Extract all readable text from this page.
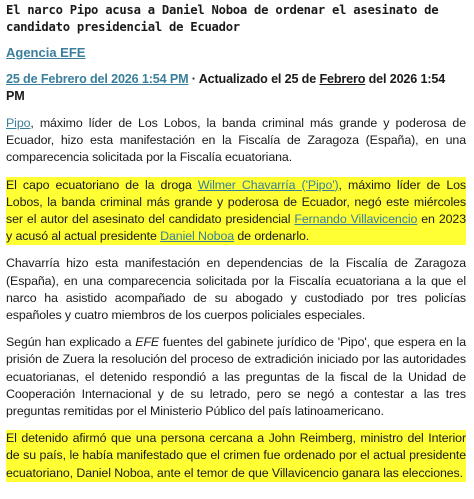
El narco Pipo acusa a Daniel Noboa de ordenar el asesinato de candidato presidencial de Ecuador
Agencia EFE
25 de Febrero del 2026 1:54 PM · Actualizado el 25 de Febrero del 2026 1:54 PM

Pipo, máximo líder de Los Lobos, la banda criminal más grande y poderosa de Ecuador, hizo esta manifestación en la Fiscalía de Zaragoza (España), en una comparecencia solicitada por la Fiscalía ecuatoriana.

El capo ecuatoriano de la droga Wilmer Chavarría ('Pipo'), máximo líder de Los Lobos, la banda criminal más grande y poderosa de Ecuador, negó este miércoles ser el autor del asesinato del candidato presidencial Fernando Villavicencio en 2023 y acusó al actual presidente Daniel Noboa de ordenarlo.

Chavarría hizo esta manifestación en dependencias de la Fiscalía de Zaragoza (España), en una comparecencia solicitada por la Fiscalía ecuatoriana a la que el narco ha asistido acompañado de su abogado y custodiado por tres policías españoles y cuatro miembros de los cuerpos policiales especiales.

Según han explicado a EFE fuentes del gabinete jurídico de 'Pipo', que espera en la prisión de Zuera la resolución del proceso de extradición iniciado por las autoridades ecuatorianas, el detenido respondió a las preguntas de la fiscal de la Unidad de Cooperación Internacional y de su letrado, pero se negó a contestar a las tres preguntas remitidas por el Ministerio Público del país latinoamericano.

El detenido afirmó que una persona cercana a John Reimberg, ministro del Interior de su país, le había manifestado que el crimen fue ordenado por el actual presidente ecuatoriano, Daniel Noboa, ante el temor de que Villavicencio ganara las elecciones.
